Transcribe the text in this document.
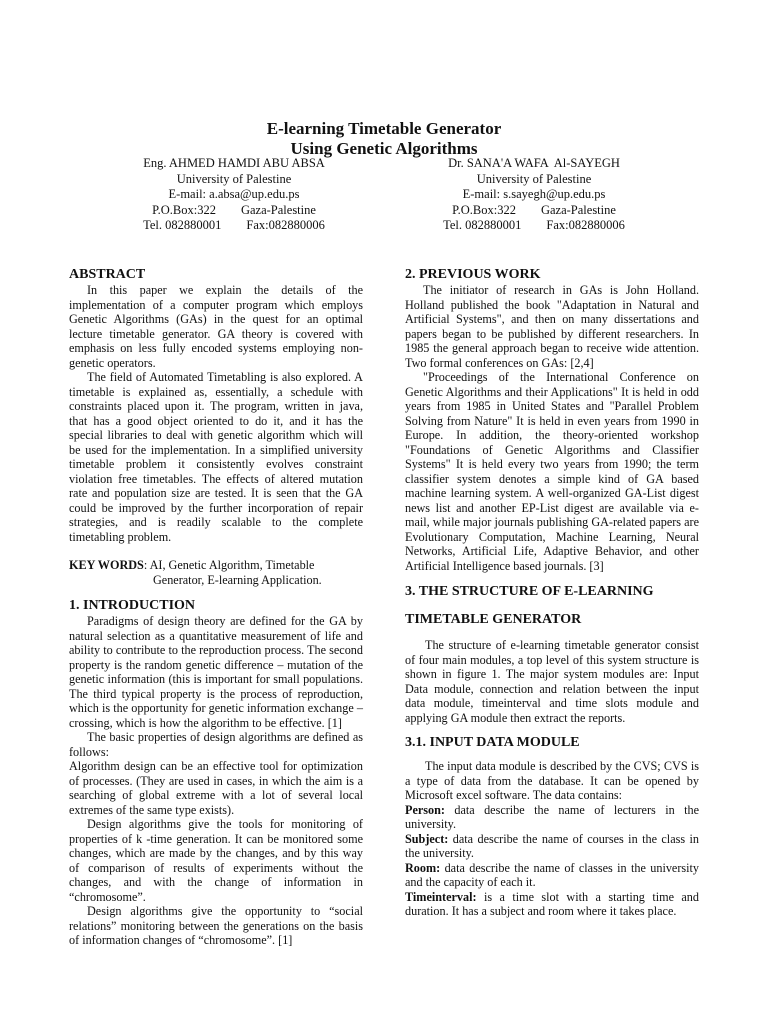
E-learning Timetable Generator
Using Genetic Algorithms
Eng. AHMED HAMDI ABU ABSA
University of Palestine
E-mail: a.absa@up.edu.ps
P.O.Box:322        Gaza-Palestine
Tel. 082880001        Fax:082880006
Dr. SANA'A WAFA  Al-SAYEGH
University of Palestine
E-mail: s.sayegh@up.edu.ps
P.O.Box:322        Gaza-Palestine
Tel. 082880001        Fax:082880006
ABSTRACT

In this paper we explain the details of the implementation of a computer program which employs Genetic Algorithms (GAs) in the quest for an optimal lecture timetable generator. GA theory is covered with emphasis on less fully encoded systems employing non-genetic operators.

The field of Automated Timetabling is also explored. A timetable is explained as, essentially, a schedule with constraints placed upon it. The program, written in java, that has a good object oriented to do it, and it has the special libraries to deal with genetic algorithm which will be used for the implementation. In a simplified university timetable problem it consistently evolves constraint violation free timetables. The effects of altered mutation rate and population size are tested. It is seen that the GA could be improved by the further incorporation of repair strategies, and is readily scalable to the complete timetabling problem.

KEY WORDS: AI, Genetic Algorithm, Timetable Generator, E-learning Application.

1. INTRODUCTION

Paradigms of design theory are defined for the GA by natural selection as a quantitative measurement of life and ability to contribute to the reproduction process. The second property is the random genetic difference – mutation of the genetic information (this is important for small populations. The third typical property is the process of reproduction, which is the opportunity for genetic information exchange – crossing, which is how the algorithm to be effective. [1]

The basic properties of design algorithms are defined as follows:

Algorithm design can be an effective tool for optimization of processes. (They are used in cases, in which the aim is a searching of global extreme with a lot of several local extremes of the same type exists).

Design algorithms give the tools for monitoring of properties of k -time generation. It can be monitored some changes, which are made by the changes, and by this way of comparison of results of experiments without the changes, and with the change of information in “chromosome”.

Design algorithms give the opportunity to “social relations” monitoring between the generations on the basis of information changes of “chromosome”. [1]

2. PREVIOUS WORK

The initiator of research in GAs is John Holland. Holland published the book "Adaptation in Natural and Artificial Systems", and then on many dissertations and papers began to be published by different researchers. In 1985 the general approach began to receive wide attention. Two formal conferences on GAs: [2,4]

"Proceedings of the International Conference on Genetic Algorithms and their Applications" It is held in odd years from 1985 in United States and "Parallel Problem Solving from Nature" It is held in even years from 1990 in Europe. In addition, the theory-oriented workshop "Foundations of Genetic Algorithms and Classifier Systems" It is held every two years from 1990; the term classifier system denotes a simple kind of GA based machine learning system. A well-organized GA-List digest news list and another EP-List digest are available via e-mail, while major journals publishing GA-related papers are Evolutionary Computation, Machine Learning, Neural Networks, Artificial Life, Adaptive Behavior, and other Artificial Intelligence based journals. [3]

3. THE STRUCTURE OF E-LEARNING
TIMETABLE GENERATOR

The structure of e-learning timetable generator consist of four main modules, a top level of this system structure is shown in figure 1. The major system modules are: Input Data module, connection and relation between the input data module, timeinterval and time slots module and applying GA module then extract the reports.

3.1. INPUT DATA MODULE

The input data module is described by the CVS; CVS is a type of data from the database. It can be opened by Microsoft excel software. The data contains:

Person: data describe the name of lecturers in the university.

Subject: data describe the name of courses in the class in the university.

Room: data describe the name of classes in the university and the capacity of each it.

Timeinterval: is a time slot with a starting time and duration. It has a subject and room where it takes place.
